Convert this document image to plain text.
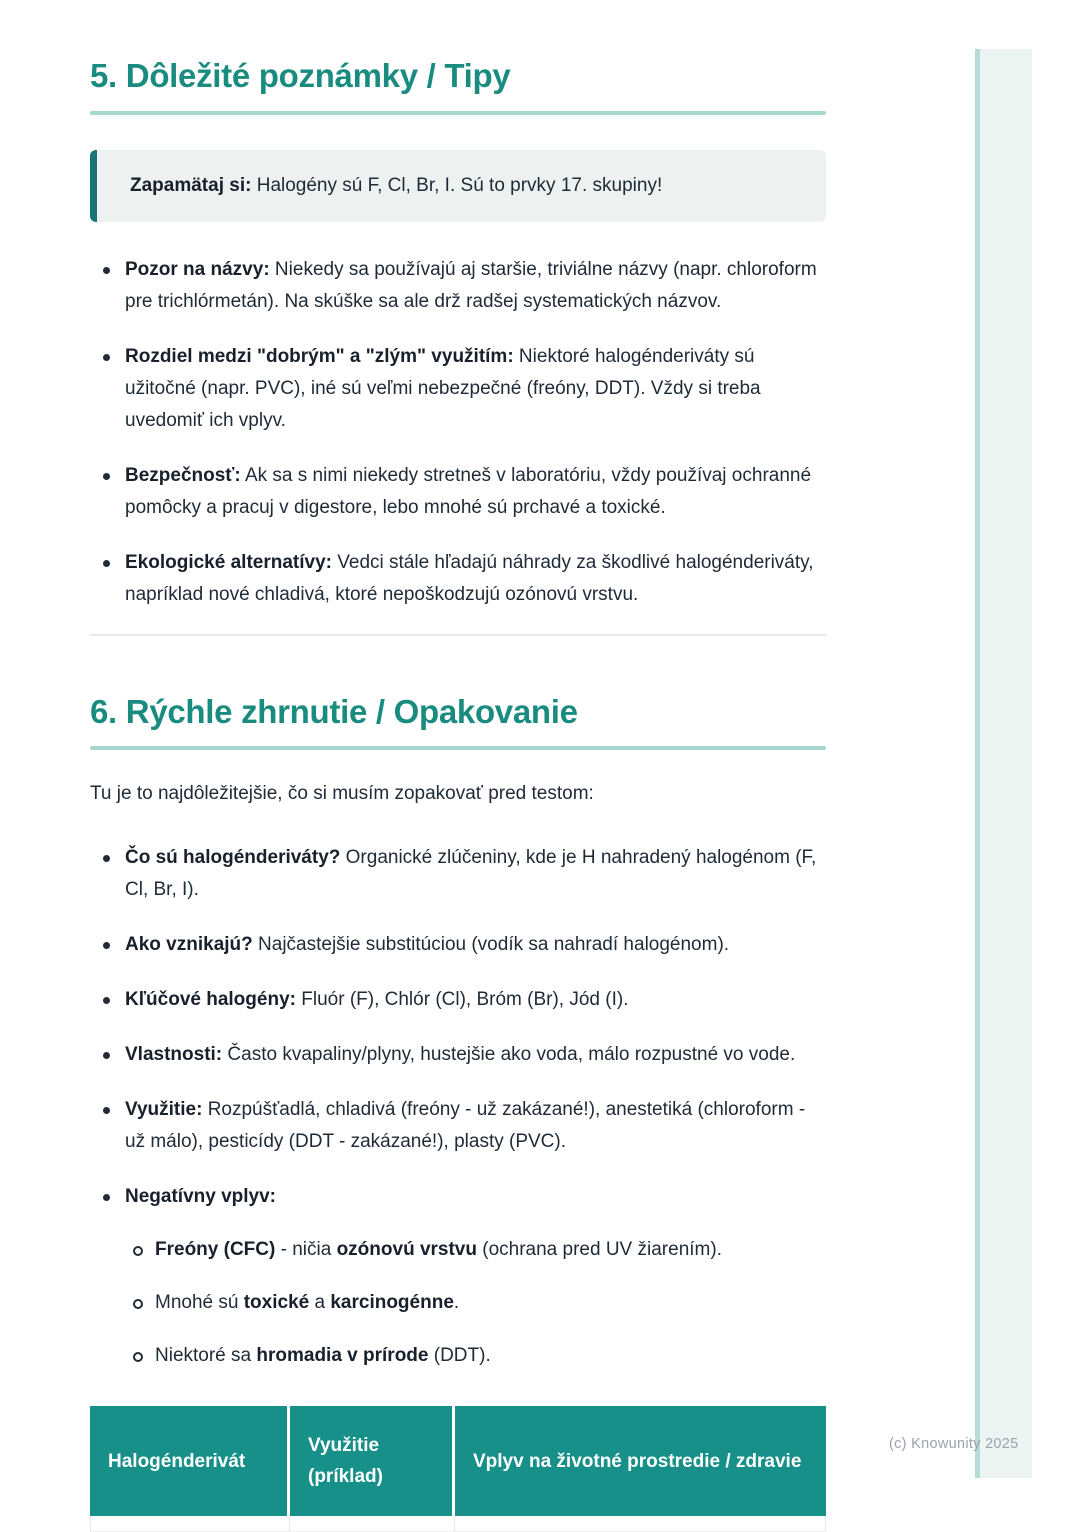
5. Dôležité poznámky / Tipy

Zapamätaj si: Halogény sú F, Cl, Br, I. Sú to prvky 17. skupiny!

Pozor na názvy: Niekedy sa používajú aj staršie, triviálne názvy (napr. chloroform pre trichlórmetán). Na skúške sa ale drž radšej systematických názvov.
Rozdiel medzi "dobrým" a "zlým" využitím: Niektoré halogénderiváty sú užitočné (napr. PVC), iné sú veľmi nebezpečné (freóny, DDT). Vždy si treba uvedomiť ich vplyv.
Bezpečnosť: Ak sa s nimi niekedy stretneš v laboratóriu, vždy používaj ochranné pomôcky a pracuj v digestore, lebo mnohé sú prchavé a toxické.
Ekologické alternatívy: Vedci stále hľadajú náhrady za škodlivé halogénderiváty, napríklad nové chladivá, ktoré nepoškodzujú ozónovú vrstvu.
6. Rýchle zhrnutie / Opakovanie

Tu je to najdôležitejšie, čo si musím zopakovať pred testom:

Čo sú halogénderiváty? Organické zlúčeniny, kde je H nahradený halogénom (F, Cl, Br, I).
Ako vznikajú? Najčastejšie substitúciou (vodík sa nahradí halogénom).
Kľúčové halogény: Fluór (F), Chlór (Cl), Bróm (Br), Jód (I).
Vlastnosti: Často kvapaliny/plyny, hustejšie ako voda, málo rozpustné vo vode.
Využitie: Rozpúšťadlá, chladivá (freóny - už zakázané!), anestetiká (chloroform - už málo), pesticídy (DDT - zakázané!), plasty (PVC).
Negatívny vplyv:
Freóny (CFC) - ničia ozónovú vrstvu (ochrana pred UV žiarením).
Mnohé sú toxické a karcinogénne.
Niektoré sa hromadia v prírode (DDT).
Halogénderivát	Využitie (príklad)	Vplyv na životné prostredie / zdravie

(c) Knowunity 2025
